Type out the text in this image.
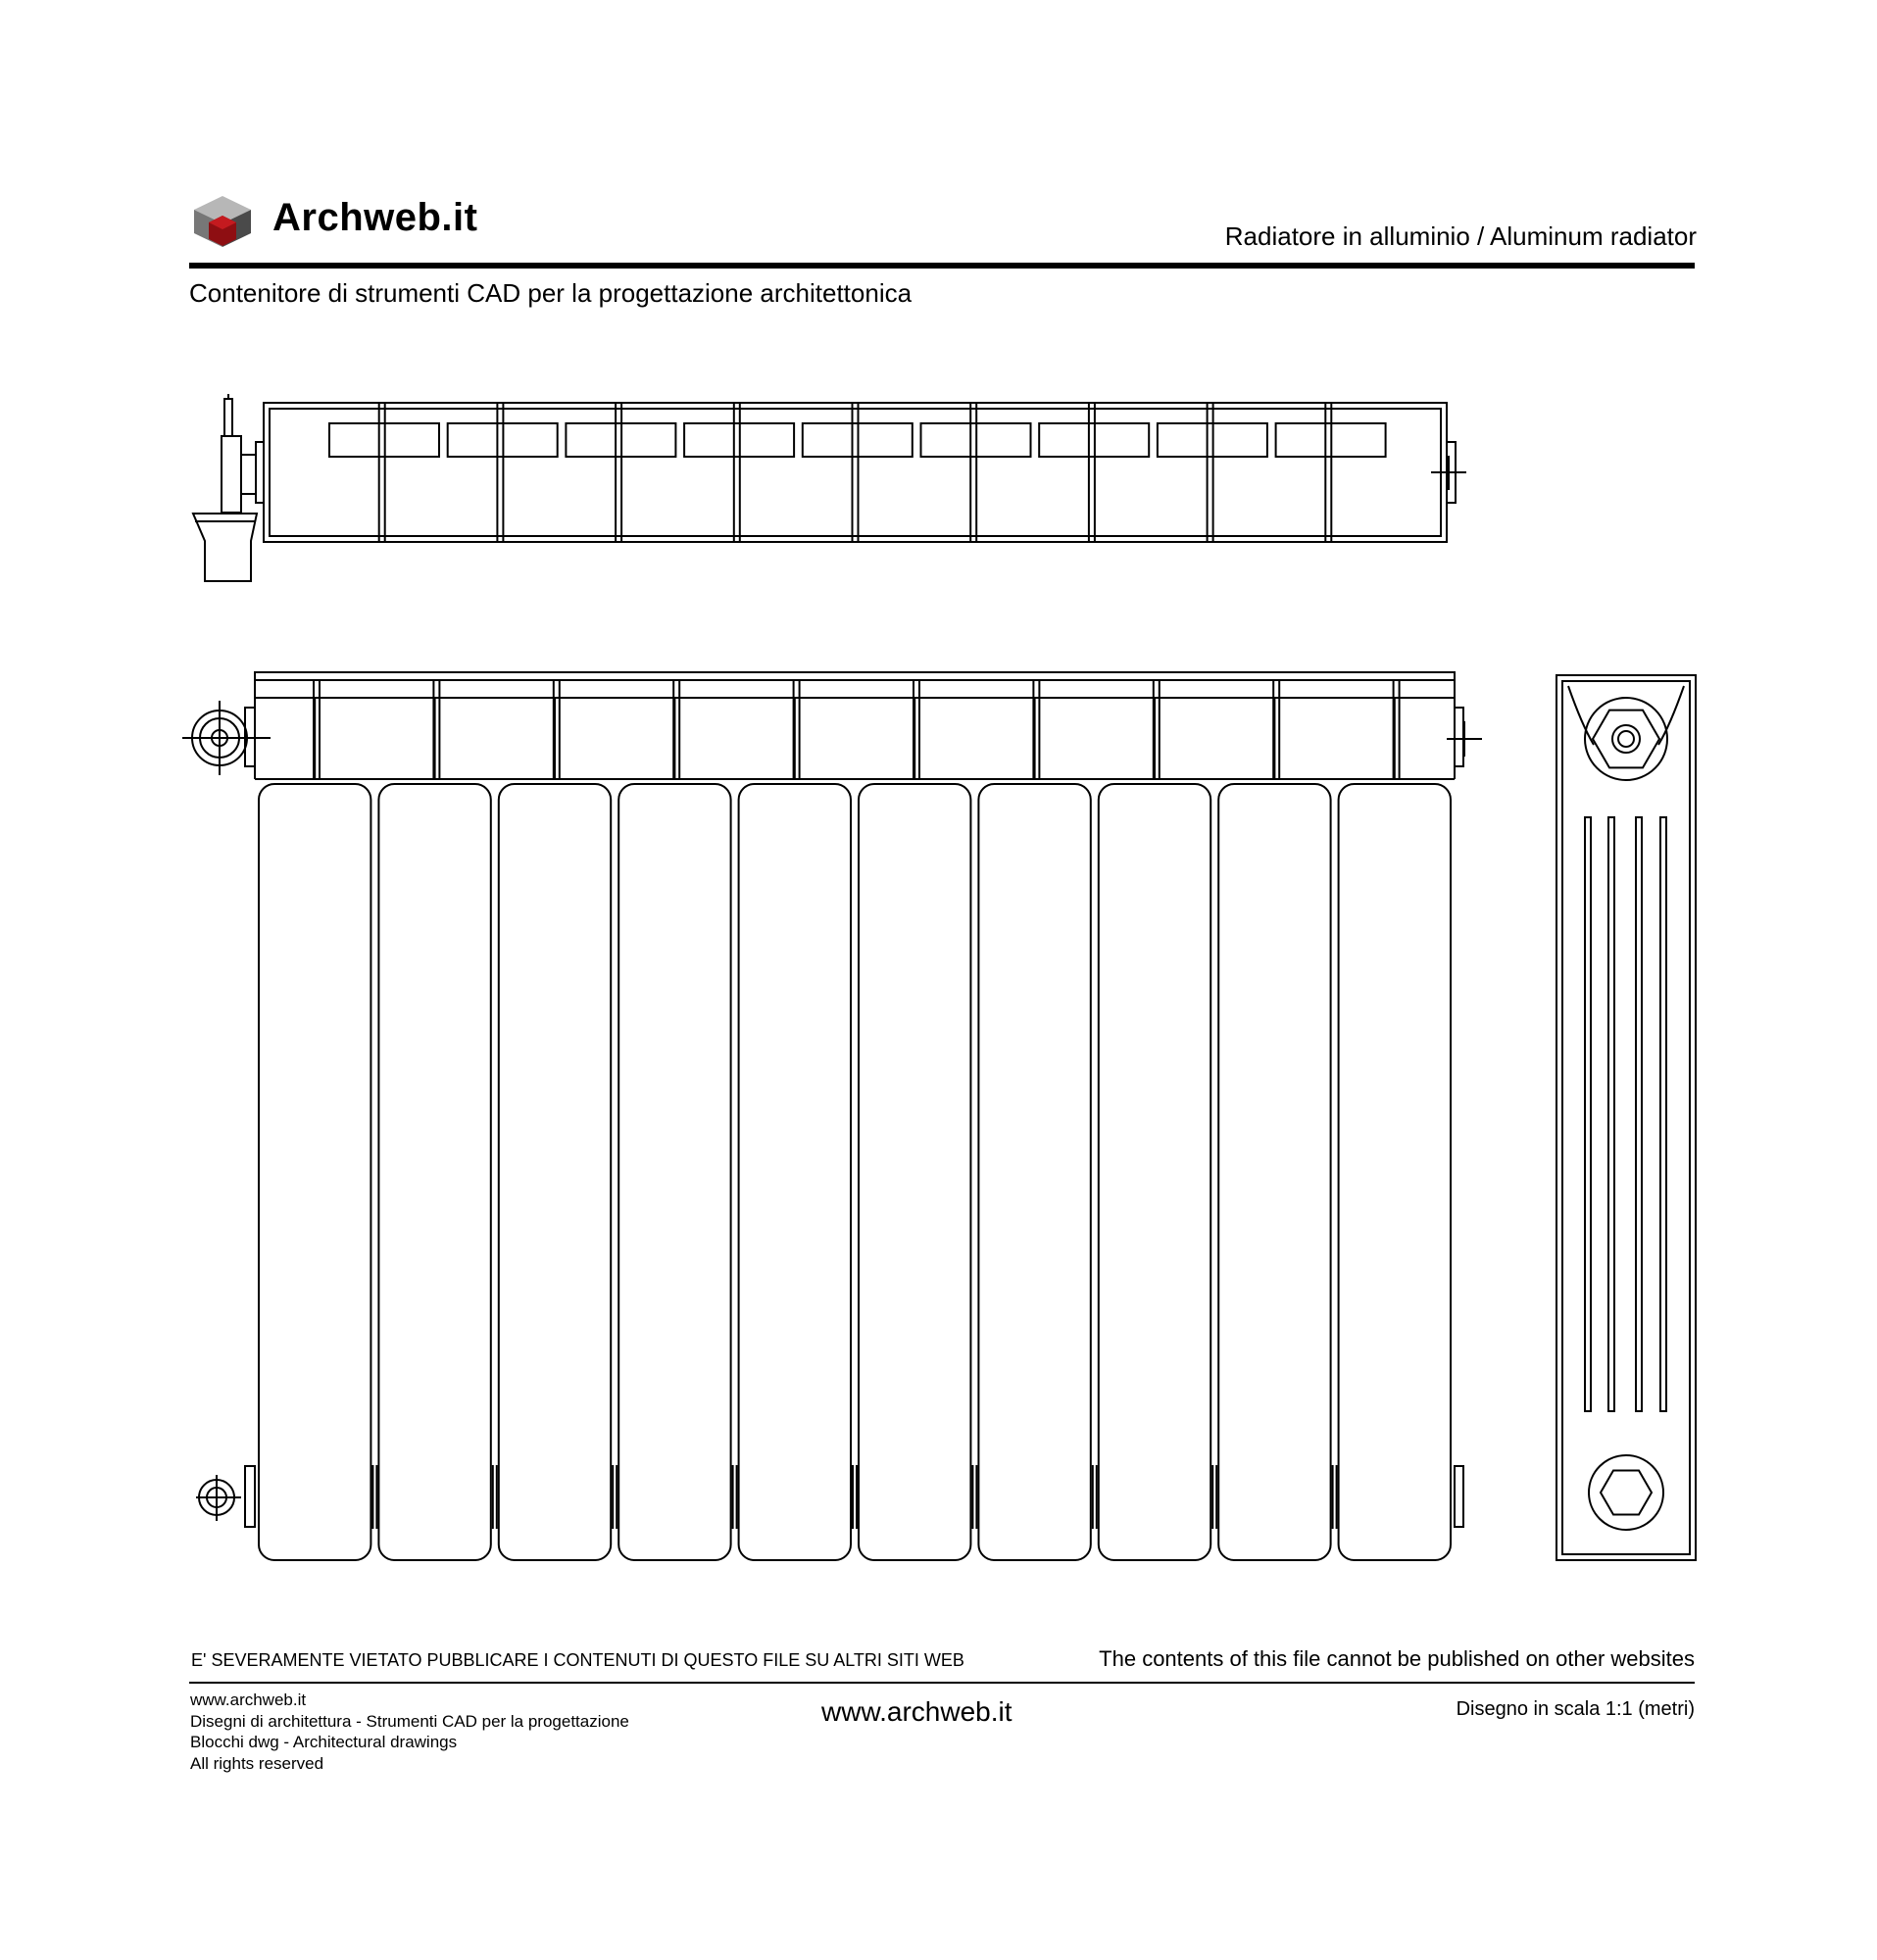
Archweb.it	Radiatore in alluminio / Aluminum radiator
Contenitore di strumenti CAD per la progettazione architettonica
E' SEVERAMENTE VIETATO PUBBLICARE I CONTENUTI DI QUESTO FILE SU ALTRI SITI WEB	The contents of this file cannot be published on other websites
www.archweb.it
Disegni di architettura - Strumenti CAD per la progettazione
Blocchi dwg - Architectural drawings
All rights reserved
www.archweb.it	Disegno in scala 1:1 (metri)
